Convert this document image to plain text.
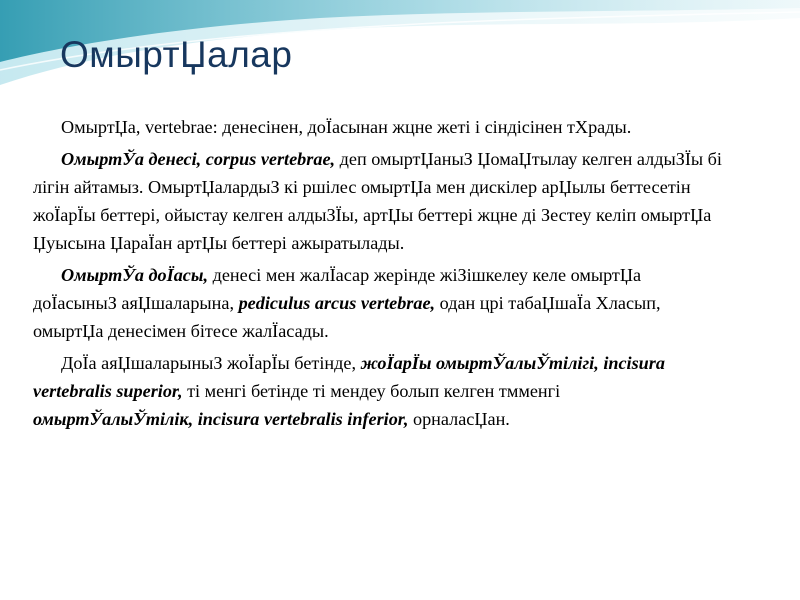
ОмыртЏалар

ОмыртЏа, vertebrae: денесінен, доЇасынан жцне жеті і сіндісінен тХрады.

ОмыртЎа денесі, corpus vertebrae, деп омыртЏаныЗ ЏомаЏтылау келген алдыЗЇы бі лігін айтамыз. ОмыртЏалардыЗ кі ршілес омыртЏа мен дискілер арЏылы беттесетін жоЇарЇы беттері, ойыстау келген алдыЗЇы, артЏы беттері жцне ді Зестеу келіп омыртЏа Џуысына ЏараЇан артЏы беттері ажыратылады.

ОмыртЎа доЇасы, денесі мен жалЇасар жерінде жіЗішкелеу келе омыртЏа доЇасыныЗ аяЏшаларына, pediculus arcus vertebrae, одан црі табаЏшаЇа Хласып, омыртЏа денесімен бітесе жалЇасады.

ДоЇа аяЏшаларыныЗ жоЇарЇы бетінде, жоЇарЇы омыртЎалыЎтілігі, incisura vertebralis superior, ті менгі бетінде ті мендеу болып келген тмменгі омыртЎалыЎтілік, incisura vertebralis inferior, орналасЏан.
